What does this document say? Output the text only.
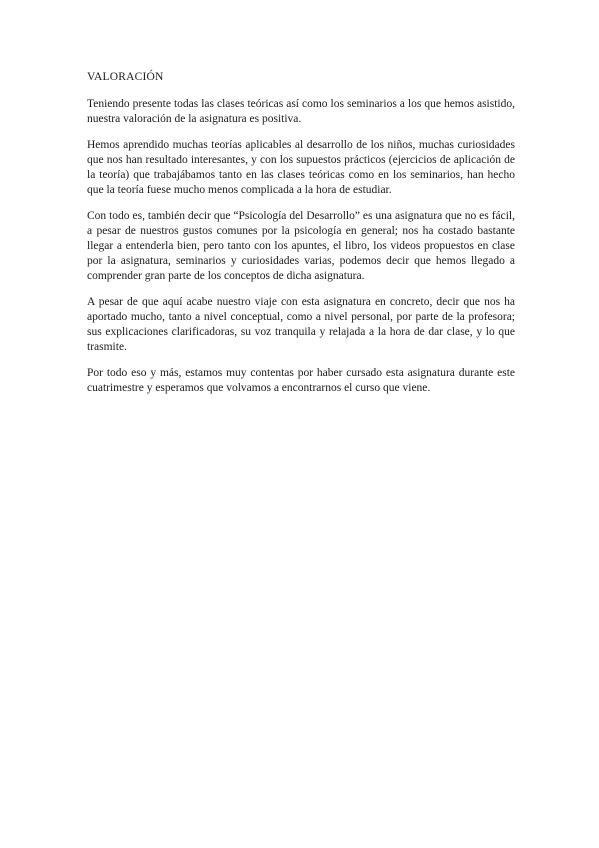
VALORACIÓN

Teniendo presente todas las clases teóricas así como los seminarios a los que hemos asistido, nuestra valoración de la asignatura es positiva.

Hemos aprendido muchas teorías aplicables al desarrollo de los niños, muchas curiosidades que nos han resultado interesantes, y con los supuestos prácticos (ejercicios de aplicación de la teoría) que trabajábamos tanto en las clases teóricas como en los seminarios, han hecho que la teoría fuese mucho menos complicada a la hora de estudiar.

Con todo es, también decir que “Psicología del Desarrollo” es una asignatura que no es fácil, a pesar de nuestros gustos comunes por la psicología en general; nos ha costado bastante llegar a entenderla bien, pero tanto con los apuntes, el libro, los videos propuestos en clase por la asignatura, seminarios y curiosidades varias, podemos decir que hemos llegado a comprender gran parte de los conceptos de dicha asignatura.

A pesar de que aquí acabe nuestro viaje con esta asignatura en concreto, decir que nos ha aportado mucho, tanto a nivel conceptual, como a nivel personal, por parte de la profesora; sus explicaciones clarificadoras, su voz tranquila y relajada a la hora de dar clase, y lo que trasmite.

Por todo eso y más, estamos muy contentas por haber cursado esta asignatura durante este cuatrimestre y esperamos que volvamos a encontrarnos el curso que viene.
